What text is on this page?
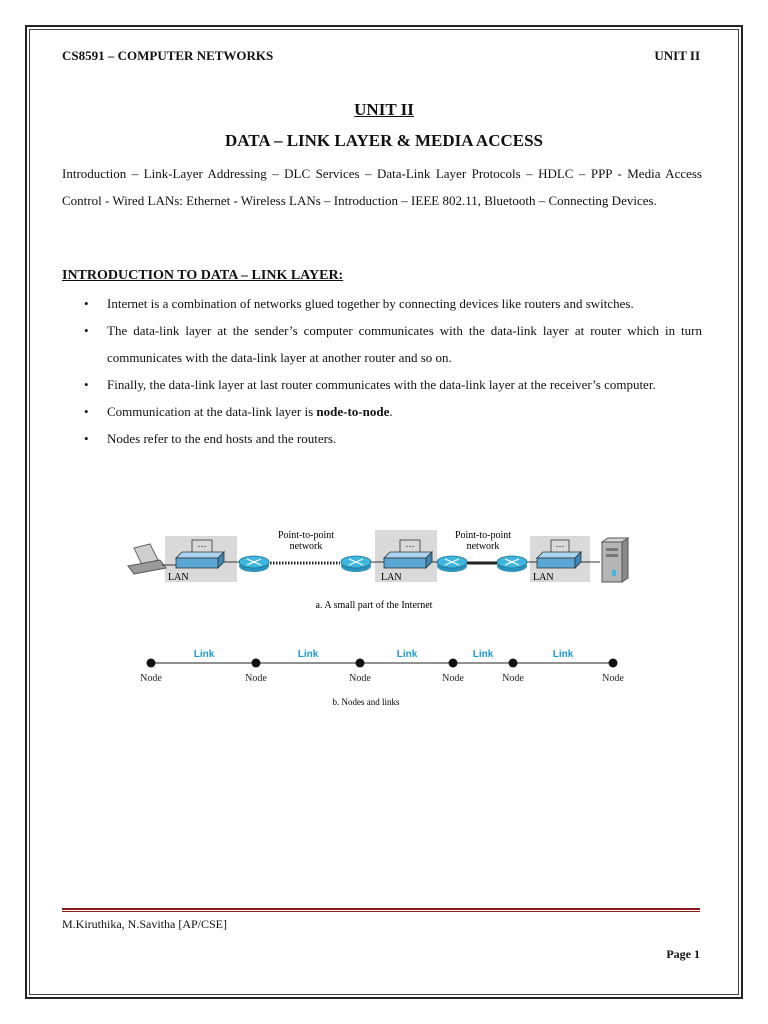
CS8591 – COMPUTER NETWORKS	UNIT II
UNIT II
DATA – LINK LAYER & MEDIA ACCESS
Introduction – Link-Layer Addressing – DLC Services – Data-Link Layer Protocols – HDLC – PPP - Media Access Control - Wired LANs: Ethernet - Wireless LANs – Introduction – IEEE 802.11, Bluetooth – Connecting Devices.
INTRODUCTION TO DATA – LINK LAYER:
• Internet is a combination of networks glued together by connecting devices like routers and switches.
• The data-link layer at the sender’s computer communicates with the data-link layer at router which in turn communicates with the data-link layer at another router and so on.
• Finally, the data-link layer at last router communicates with the data-link layer at the receiver’s computer.
• Communication at the data-link layer is node-to-node.
• Nodes refer to the end hosts and the routers.
…
LAN
Point-to-point
network	…
LAN
Point-to-point
network	…
LAN
a. A small part of the Internet
Link	Link	Link	Link	Link
Node	Node	Node	Node	Node	Node
b. Nodes and links
M.Kiruthika, N.Savitha [AP/CSE]
Page 1
